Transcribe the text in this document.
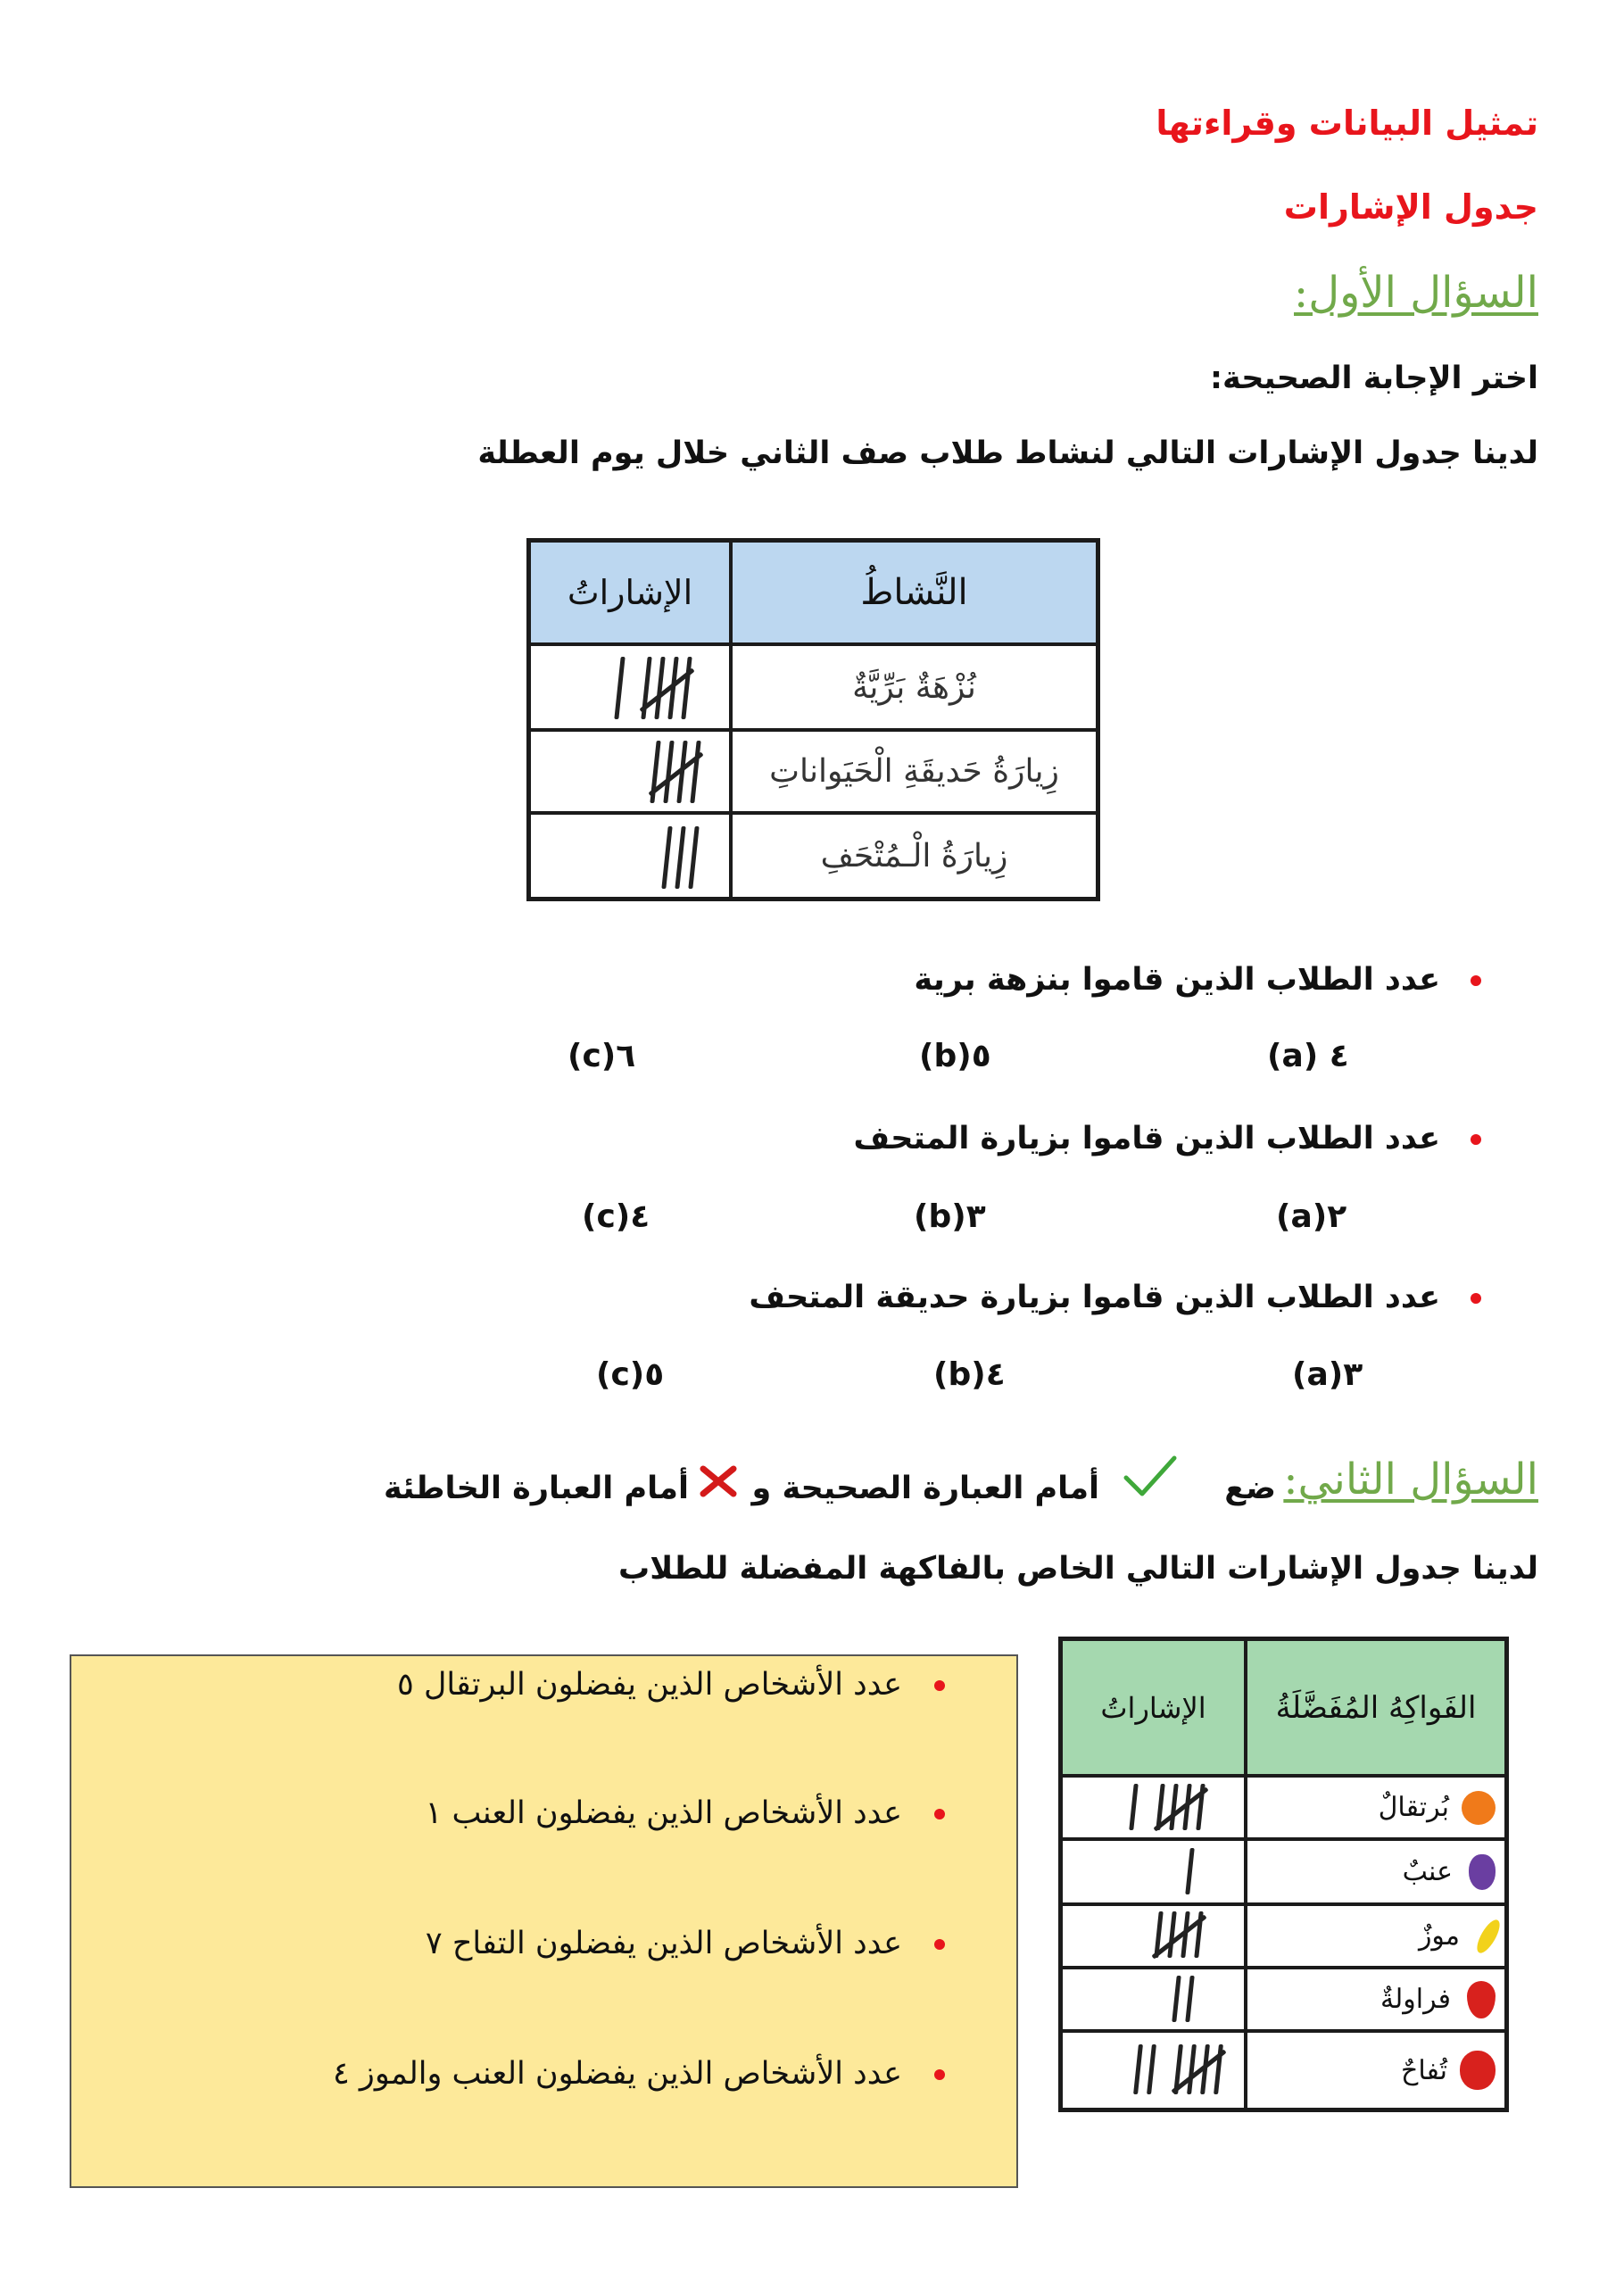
تمثيل البيانات وقراءتها
جدول الإشارات
السؤال الأول:
اختر الإجابة الصحيحة:
لدينا جدول الإشارات التالي لنشاط طلاب صف الثاني خلال يوم العطلة
النَّشاطُ
الإشاراتُ
نُزْهَةٌ بَرِّيَّةٌ
زِيارَةُ حَديقَةِ الْحَيَواناتِ
زِيارَةُ الْـمُتْحَفِ
عدد الطلاب الذين قاموا بنزهة برية
٤ (a)
٥(b)
٦(c)
عدد الطلاب الذين قاموا بزيارة المتحف
٢(a)
٣(b)
٤(c)
عدد الطلاب الذين قاموا بزيارة حديقة المتحف
٣(a)
٤(b)
٥(c)
السؤال الثاني:
ضع
أمام العبارة الصحيحة و
أمام العبارة الخاطئة
لدينا جدول الإشارات التالي الخاص بالفاكهة المفضلة للطلاب
الفَواكِهُ المُفَضَّلَةُ
الإشاراتُ
بُرتقالٌ
عنبٌ
موزٌ
فراولةٌ
تُفاحٌ
عدد الأشخاص الذين يفضلون البرتقال ٥
عدد الأشخاص الذين يفضلون العنب ١
عدد الأشخاص الذين يفضلون التفاح ٧
عدد الأشخاص الذين يفضلون العنب والموز ٤
